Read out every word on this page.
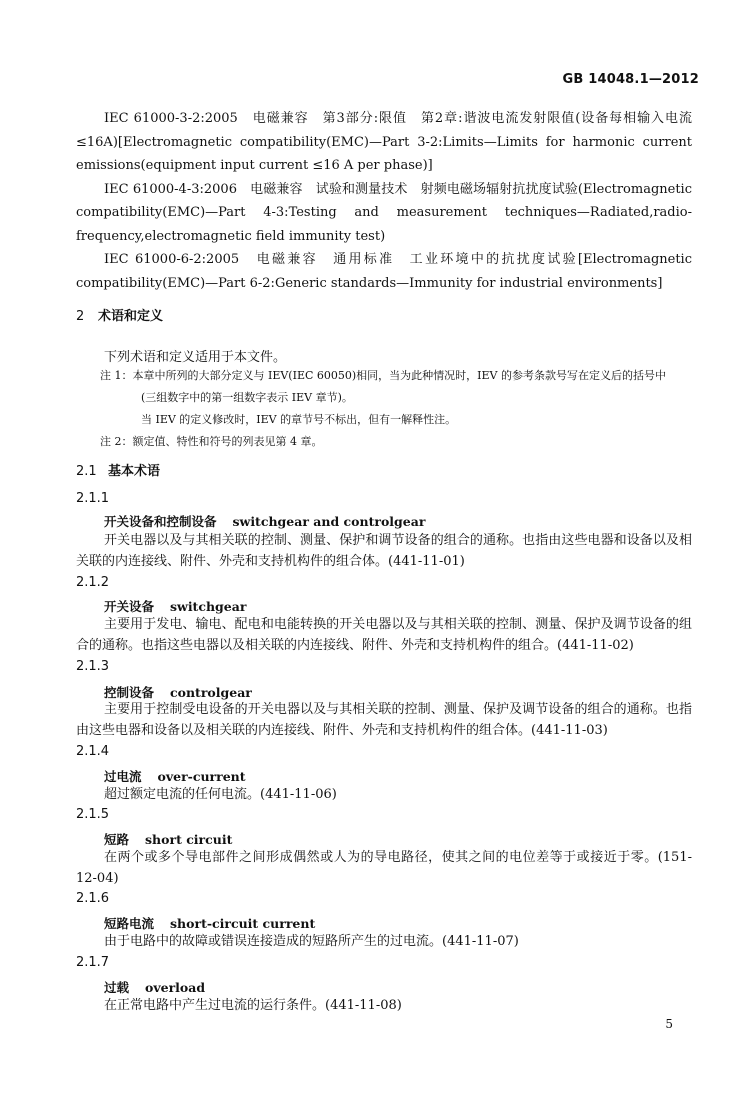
GB 14048.1—2012

IEC 61000-3-2:2005　电磁兼容　第3部分:限值　第2章:谐波电流发射限值(设备每相输入电流≤16A)[Electromagnetic compatibility(EMC)—Part 3-2:Limits—Limits for harmonic current emissions(equipment input current ≤16 A per phase)]

IEC 61000-4-3:2006　电磁兼容　试验和测量技术　射频电磁场辐射抗扰度试验(Electromagnetic compatibility(EMC)—Part 4-3:Testing and measurement techniques—Radiated,radio-frequency,electromagnetic field immunity test)

IEC 61000-6-2:2005　电磁兼容　通用标准　工业环境中的抗扰度试验[Electromagnetic compatibility(EMC)—Part 6-2:Generic standards—Immunity for industrial environments]

2 术语和定义
下列术语和定义适用于本文件。
注 1：本章中所列的大部分定义与 IEV(IEC 60050)相同，当为此种情况时，IEV 的参考条款号写在定义后的括号中
(三组数字中的第一组数字表示 IEV 章节)。
当 IEV 的定义修改时，IEV 的章节号不标出，但有一解释性注。
注 2：额定值、特性和符号的列表见第 4 章。
2.1 基本术语
2.1.1
开关设备和控制设备 switchgear and controlgear

开关电器以及与其相关联的控制、测量、保护和调节设备的组合的通称。也指由这些电器和设备以及相关联的内连接线、附件、外壳和支持机构件的组合体。(441-11-01)

2.1.2
开关设备 switchgear

主要用于发电、输电、配电和电能转换的开关电器以及与其相关联的控制、测量、保护及调节设备的组合的通称。也指这些电器以及相关联的内连接线、附件、外壳和支持机构件的组合。(441-11-02)

2.1.3
控制设备 controlgear

主要用于控制受电设备的开关电器以及与其相关联的控制、测量、保护及调节设备的组合的通称。也指由这些电器和设备以及相关联的内连接线、附件、外壳和支持机构件的组合体。(441-11-03)

2.1.4
过电流 over-current

超过额定电流的任何电流。(441-11-06)

2.1.5
短路 short circuit

在两个或多个导电部件之间形成偶然或人为的导电路径，使其之间的电位差等于或接近于零。(151-12-04)

2.1.6
短路电流 short-circuit current

由于电路中的故障或错误连接造成的短路所产生的过电流。(441-11-07)

2.1.7
过载 overload

在正常电路中产生过电流的运行条件。(441-11-08)

5
